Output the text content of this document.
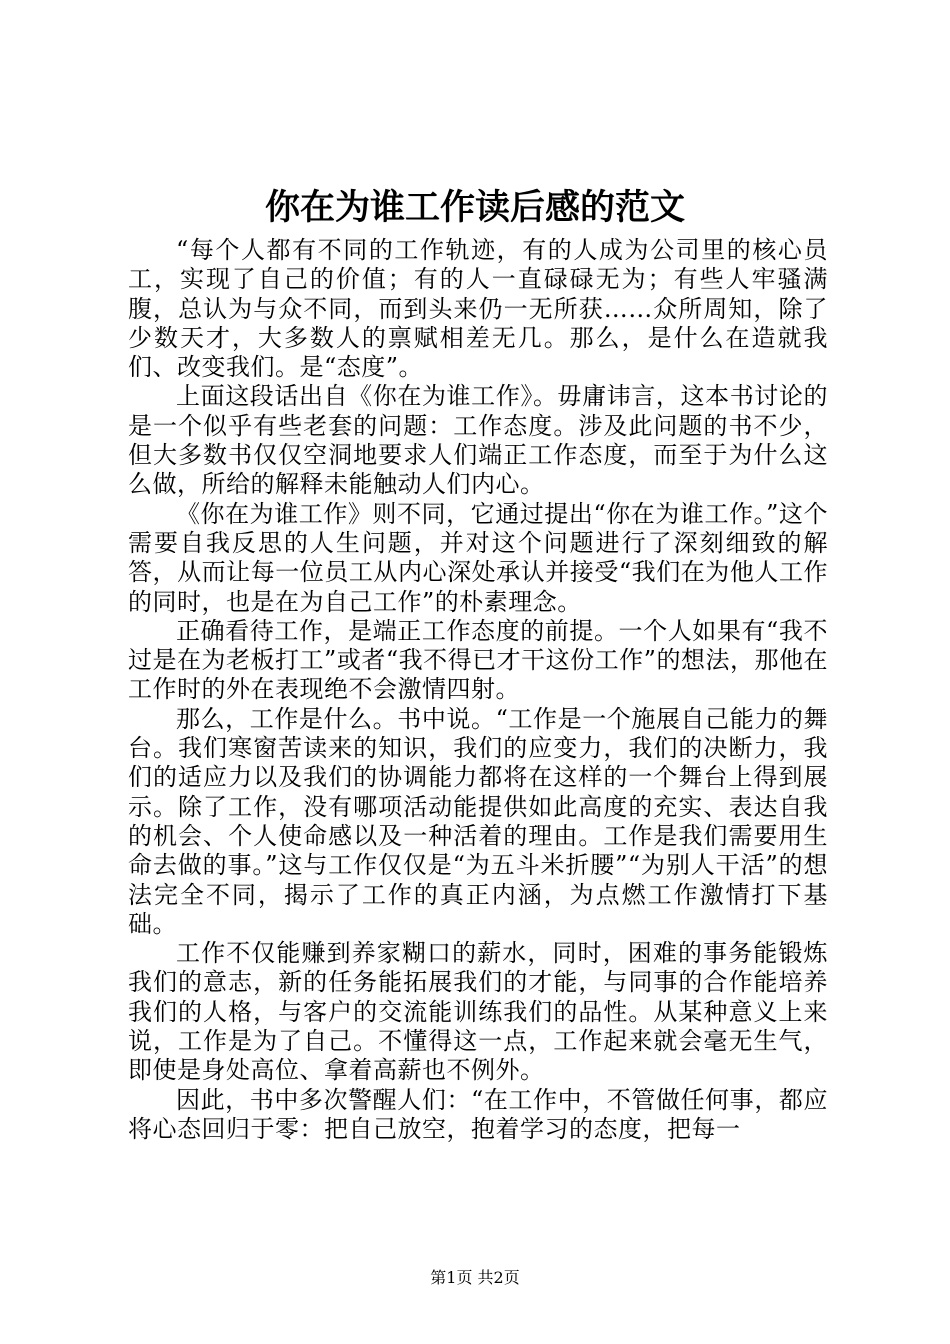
你在为谁工作读后感的范文

“每个人都有不同的工作轨迹，有的人成为公司里的核心员工，实现了自己的价值；有的人一直碌碌无为；有些人牢骚满腹，总认为与众不同，而到头来仍一无所获……众所周知，除了少数天才，大多数人的禀赋相差无几。那么，是什么在造就我们、改变我们。是“态度”。

上面这段话出自《你在为谁工作》。毋庸讳言，这本书讨论的是一个似乎有些老套的问题：工作态度。涉及此问题的书不少，但大多数书仅仅空洞地要求人们端正工作态度，而至于为什么这么做，所给的解释未能触动人们内心。

《你在为谁工作》则不同，它通过提出“你在为谁工作。”这个需要自我反思的人生问题，并对这个问题进行了深刻细致的解答，从而让每一位员工从内心深处承认并接受“我们在为他人工作的同时，也是在为自己工作”的朴素理念。

正确看待工作，是端正工作态度的前提。一个人如果有“我不过是在为老板打工”或者“我不得已才干这份工作”的想法，那他在工作时的外在表现绝不会激情四射。

那么，工作是什么。书中说。“工作是一个施展自己能力的舞台。我们寒窗苦读来的知识，我们的应变力，我们的决断力，我们的适应力以及我们的协调能力都将在这样的一个舞台上得到展示。除了工作，没有哪项活动能提供如此高度的充实、表达自我的机会、个人使命感以及一种活着的理由。工作是我们需要用生命去做的事。”这与工作仅仅是“为五斗米折腰”“为别人干活”的想法完全不同，揭示了工作的真正内涵，为点燃工作激情打下基础。

工作不仅能赚到养家糊口的薪水，同时，困难的事务能锻炼我们的意志，新的任务能拓展我们的才能，与同事的合作能培养我们的人格，与客户的交流能训练我们的品性。从某种意义上来说，工作是为了自己。不懂得这一点，工作起来就会毫无生气，即使是身处高位、拿着高薪也不例外。

因此，书中多次警醒人们：“在工作中，不管做任何事，都应将心态回归于零：把自己放空，抱着学习的态度，把每一

第1页 共2页
